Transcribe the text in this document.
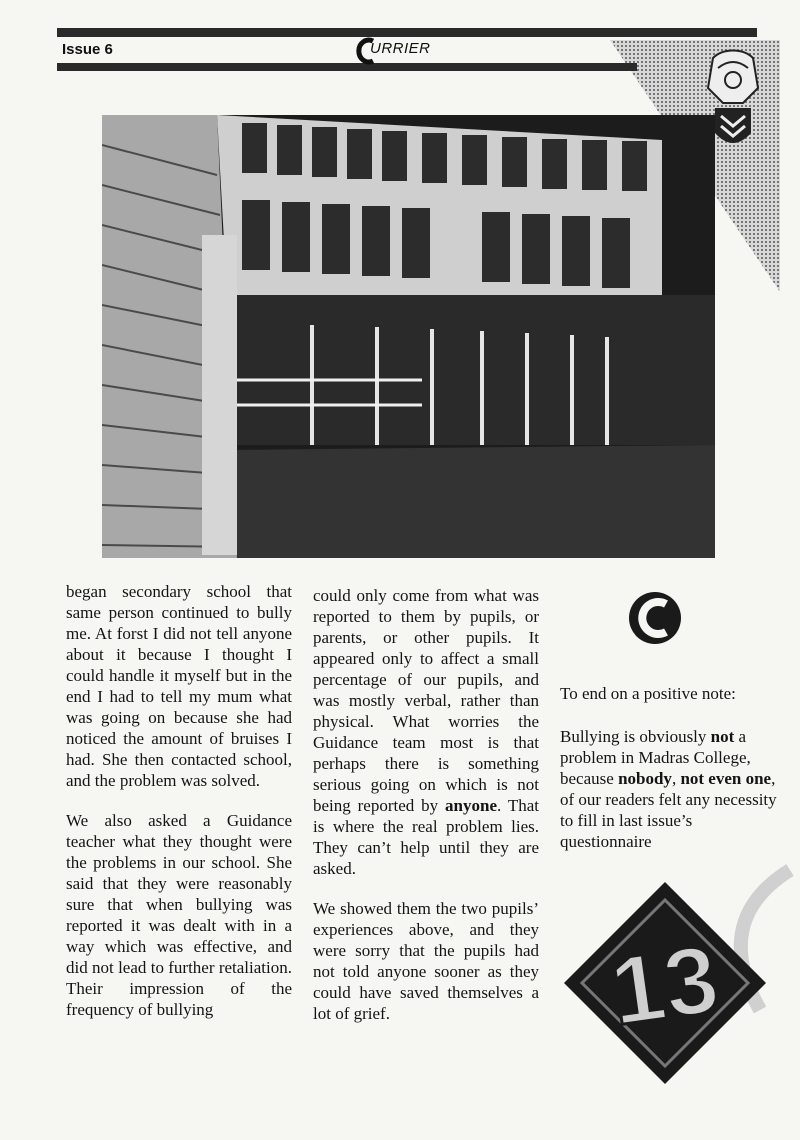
Issue 6	URRIER

began secondary school that same person continued to bully me. At forst I did not tell anyone about it because I thought I could handle it myself but in the end I had to tell my mum what was going on because she had noticed the amount of bruises I had. She then contacted school, and the problem was solved.

We also asked a Guidance teacher what they thought were the problems in our school. She said that they were reasonably sure that when bullying was reported it was dealt with in a way which was effective, and did not lead to further retaliation. Their impression of the frequency of bullying

could only come from what was reported to them by pupils, or parents, or other pupils. It appeared only to affect a small percentage of our pupils, and was mostly verbal, rather than physical. What worries the Guidance team most is that perhaps there is something serious going on which is not being reported by anyone. That is where the real problem lies. They can’t help until they are asked.

We showed them the two pupils’ experiences above, and they were sorry that the pupils had not told anyone sooner as they could have saved themselves a lot of grief.

To end on a positive note:

Bullying is obviously not a problem in Madras College, because nobody, not even one, of our readers felt any necessity to fill in last issue’s questionnaire

13
